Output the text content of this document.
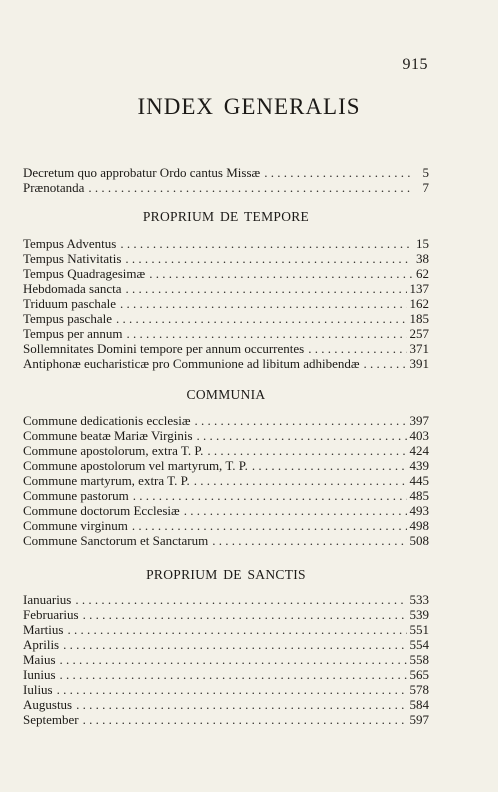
915
INDEX GENERALIS
Decretum quo approbatur Ordo cantus Missæ . . .	5
Prænotanda . . .	7
PROPRIUM DE TEMPORE
Tempus Adventus . . .	15
Tempus Nativitatis . . .	38
Tempus Quadragesimæ . . .	62
Hebdomada sancta . . .	137
Triduum paschale . . .	162
Tempus paschale . . .	185
Tempus per annum . . .	257
Sollemnitates Domini tempore per annum occurrentes . . .	371
Antiphonæ eucharisticæ pro Communione ad libitum adhibendæ . . .	391
COMMUNIA
Commune dedicationis ecclesiæ . . .	397
Commune beatæ Mariæ Virginis . . .	403
Commune apostolorum, extra T. P. . . .	424
Commune apostolorum vel martyrum, T. P. . . .	439
Commune martyrum, extra T. P. . . .	445
Commune pastorum . . .	485
Commune doctorum Ecclesiæ . . .	493
Commune virginum . . .	498
Commune Sanctorum et Sanctarum . . .	508
PROPRIUM DE SANCTIS
Ianuarius . . .	533
Februarius . . .	539
Martius . . .	551
Aprilis . . .	554
Maius . . .	558
Iunius . . .	565
Iulius . . .	578
Augustus . . .	584
September . . .	597
